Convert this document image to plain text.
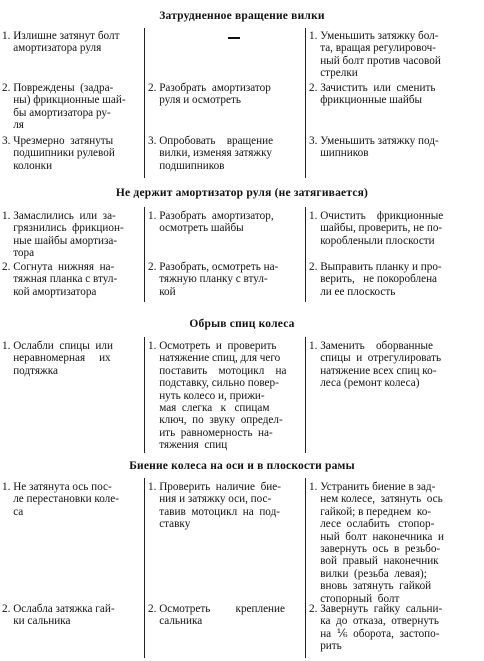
Затрудненное вращение вилки
1. Излишне затянут болт
амортизатора руля
1. Уменьшить затяжку бол-
та, вращая регулировоч-
ный болт против часовой
стрелки
2. Повреждены  (задра-
ны) фрикционные шай-
бы амортизатора ру-
ля
2. Разобрать  амортизатор
руля и осмотреть
2. Зачистить  или  сменить
фрикционные шайбы
3. Чрезмерно  затянуты
подшипники рулевой
колонки
3. Опробовать    вращение
вилки, изменяя затяжку
подшипников
3. Уменьшить затяжку под-
шипников
Не держит амортизатор руля (не затягивается)
1. Замаслились  или  за-
грязнились  фрикцион-
ные шайбы амортиза-
тора
1. Разобрать  амортизатор,
осмотреть шайбы
1. Очистить    фрикционные
шайбы, проверить, не по-
коробленыли плоскости
2. Согнута  нижняя  на-
тяжная планка с втул-
кой амортизатора
2. Разобрать, осмотреть на-
тяжную планку с втул-
кой
2. Выправить планку и про-
верить,   не покороблена
ли ее плоскость
Обрыв спиц колеса
1. Ослабли  спицы  или
неравномерная     их
подтяжка
1. Осмотреть  и  проверить
натяжение спиц, для чего
поставить    мотоцикл    на
подставку, сильно повер-
нуть колесо и, прижи-
мая  слегка   к   спицам
ключ,  по  звуку  определ-
ить  равномерность  на-
тяжения  спиц
1. Заменить    оборванные
спицы  и  отрегулировать
натяжение всех спиц ко-
леса (ремонт колеса)
Биение колеса на оси и в плоскости рамы
1. Не затянута ось пос-
ле перестановки коле-
са
1. Проверить  наличие  бие-
ния и затяжку оси, пос-
тавив  мотоцикл  на  под-
ставку
1. Устранить биение в зад-
нем колесе,  затянуть  ось
гайкой; в переднем  ко-
лесе  ослабить   стопор-
ный  болт  наконечника  и
завернуть  ось  в  резьбо-
вой  правый  наконечник
вилки  (резьба  левая);
вновь  затянуть  гайкой
стопорный  болт
2. Ослабла затяжка гай-
ки сальника
2. Осмотреть         крепление
сальника
2. Завернуть  гайку  сальни-
ка  до  отказа,  отвернуть
на  ⅙  оборота,  застопо-
рить
